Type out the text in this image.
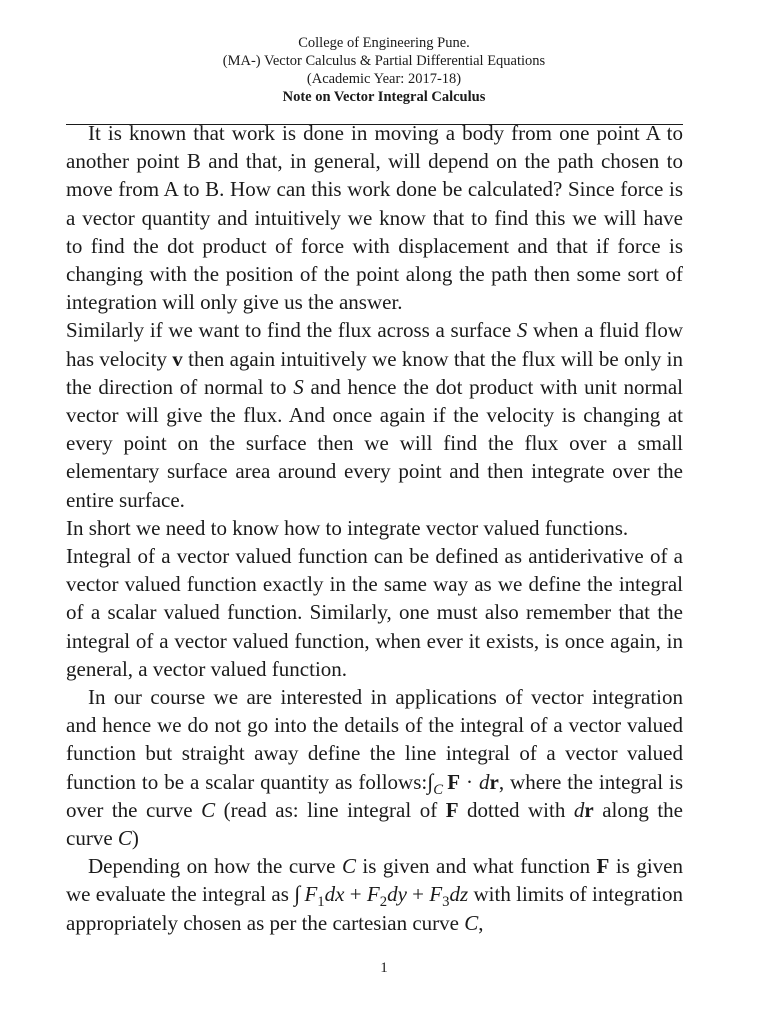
College of Engineering Pune.
(MA-) Vector Calculus & Partial Differential Equations
(Academic Year: 2017-18)
Note on Vector Integral Calculus

It is known that work is done in moving a body from one point A to another point B and that, in general, will depend on the path chosen to move from A to B. How can this work done be calculated? Since force is a vector quantity and intuitively we know that to find this we will have to find the dot product of force with displacement and that if force is changing with the position of the point along the path then some sort of integration will only give us the answer.

Similarly if we want to find the flux across a surface S when a fluid flow has velocity v then again intuitively we know that the flux will be only in the direction of normal to S and hence the dot product with unit normal vector will give the flux. And once again if the velocity is changing at every point on the surface then we will find the flux over a small elementary surface area around every point and then integrate over the entire surface.

In short we need to know how to integrate vector valued functions.

Integral of a vector valued function can be defined as antiderivative of a vector valued function exactly in the same way as we define the integral of a scalar valued function. Similarly, one must also remember that the integral of a vector valued function, when ever it exists, is once again, in general, a vector valued function.

In our course we are interested in applications of vector integration and hence we do not go into the details of the integral of a vector valued function but straight away define the line integral of a vector valued function to be a scalar quantity as $follows:\int_C$  F · dr, where the integral is over the curve C (read as: line integral of F dotted with dr along the curve C)

Depending on how the curve C is given and what function F is given we evaluate the integral as ∫  $F_1dx + F_2dy + F_3dz$ with limits of integration appropriately chosen as per the cartesian curve C,

1
